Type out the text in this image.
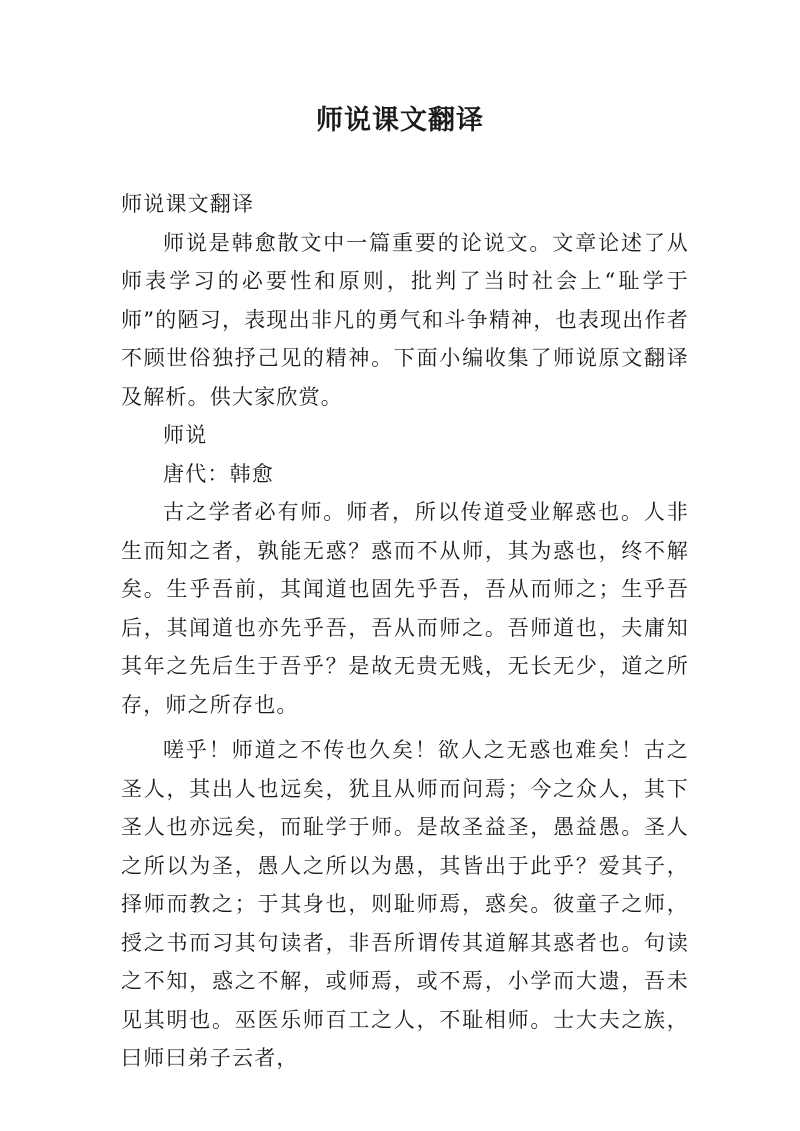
师说课文翻译

师说课文翻译

师说是韩愈散文中一篇重要的论说文。文章论述了从师表学习的必要性和原则，批判了当时社会上“耻学于师”的陋习，表现出非凡的勇气和斗争精神，也表现出作者不顾世俗独抒己见的精神。下面小编收集了师说原文翻译及解析。供大家欣赏。

师说

唐代：韩愈

古之学者必有师。师者，所以传道受业解惑也。人非生而知之者，孰能无惑？惑而不从师，其为惑也，终不解矣。生乎吾前，其闻道也固先乎吾，吾从而师之；生乎吾后，其闻道也亦先乎吾，吾从而师之。吾师道也，夫庸知其年之先后生于吾乎？是故无贵无贱，无长无少，道之所存，师之所存也。

嗟乎！师道之不传也久矣！欲人之无惑也难矣！古之圣人，其出人也远矣，犹且从师而问焉；今之众人，其下圣人也亦远矣，而耻学于师。是故圣益圣，愚益愚。圣人之所以为圣，愚人之所以为愚，其皆出于此乎？爱其子，择师而教之；于其身也，则耻师焉，惑矣。彼童子之师，授之书而习其句读者，非吾所谓传其道解其惑者也。句读之不知，惑之不解，或师焉，或不焉，小学而大遗，吾未见其明也。巫医乐师百工之人，不耻相师。士大夫之族，曰师曰弟子云者，
